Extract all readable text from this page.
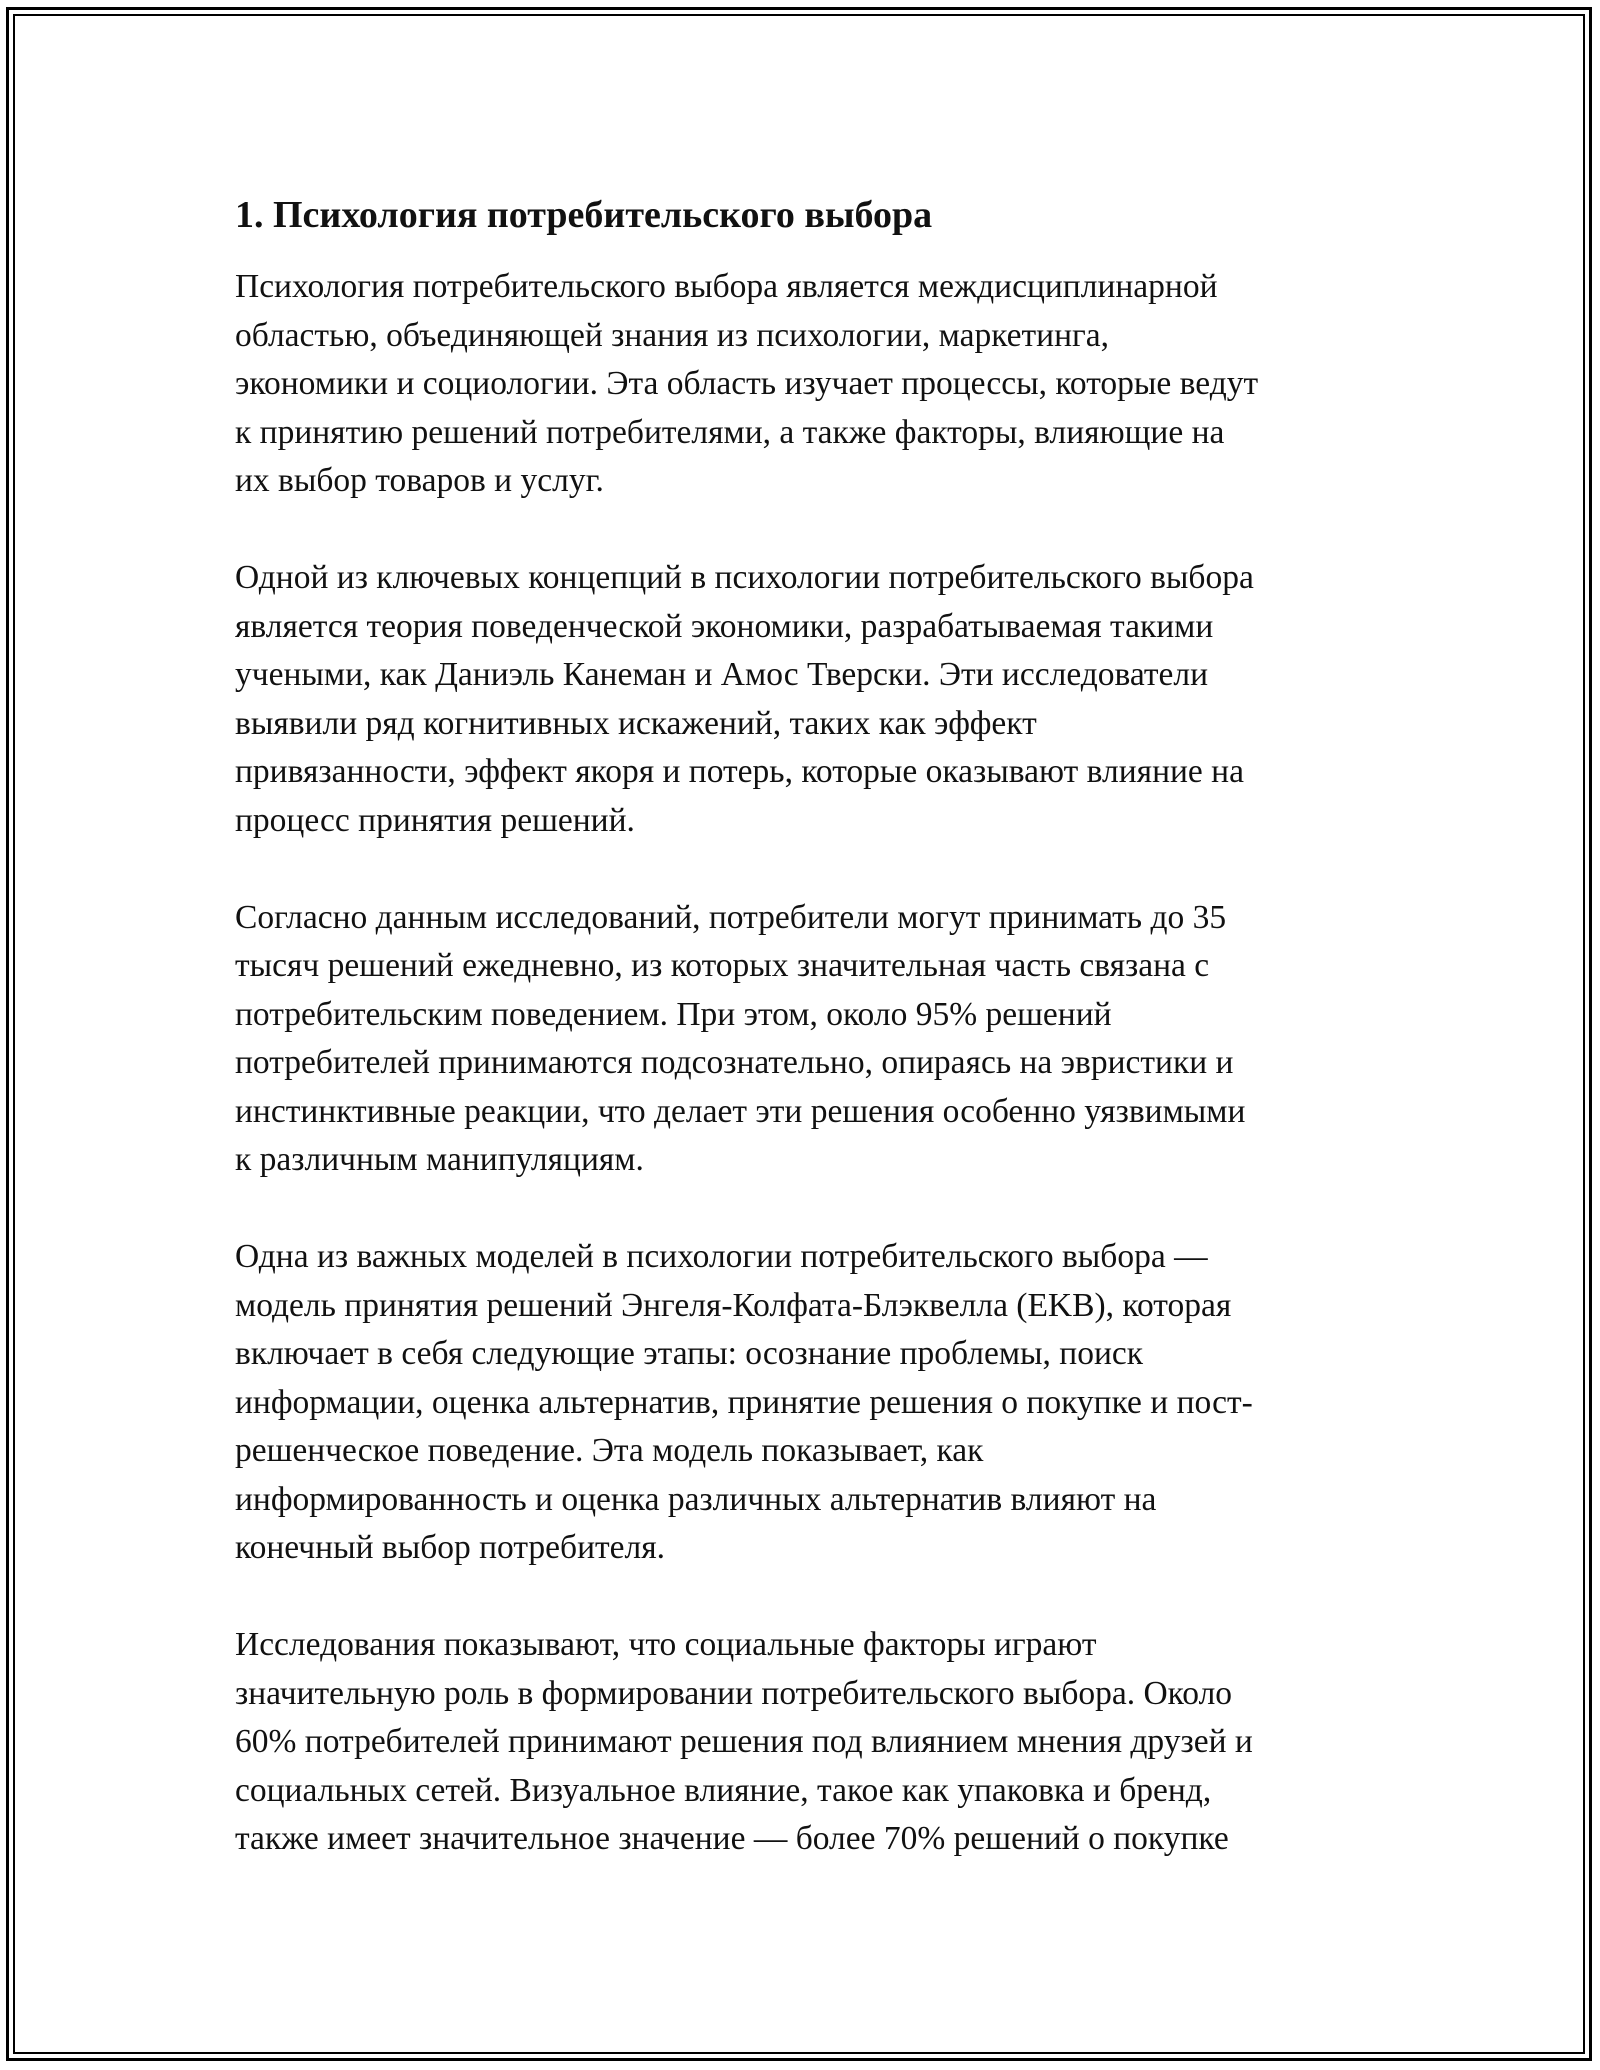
1. Психология потребительского выбора

Психология потребительского выбора является междисциплинарной
областью, объединяющей знания из психологии, маркетинга,
экономики и социологии. Эта область изучает процессы, которые ведут
к принятию решений потребителями, а также факторы, влияющие на
их выбор товаров и услуг.

Одной из ключевых концепций в психологии потребительского выбора
является теория поведенческой экономики, разрабатываемая такими
учеными, как Даниэль Канеман и Амос Тверски. Эти исследователи
выявили ряд когнитивных искажений, таких как эффект
привязанности, эффект якоря и потерь, которые оказывают влияние на
процесс принятия решений.

Согласно данным исследований, потребители могут принимать до 35
тысяч решений ежедневно, из которых значительная часть связана с
потребительским поведением. При этом, около 95% решений
потребителей принимаются подсознательно, опираясь на эвристики и
инстинктивные реакции, что делает эти решения особенно уязвимыми
к различным манипуляциям.

Одна из важных моделей в психологии потребительского выбора —
модель принятия решений Энгеля-Колфата-Блэквелла (EKB), которая
включает в себя следующие этапы: осознание проблемы, поиск
информации, оценка альтернатив, принятие решения о покупке и пост-
решенческое поведение. Эта модель показывает, как
информированность и оценка различных альтернатив влияют на
конечный выбор потребителя.

Исследования показывают, что социальные факторы играют
значительную роль в формировании потребительского выбора. Около
60% потребителей принимают решения под влиянием мнения друзей и
социальных сетей. Визуальное влияние, такое как упаковка и бренд,
также имеет значительное значение — более 70% решений о покупке
